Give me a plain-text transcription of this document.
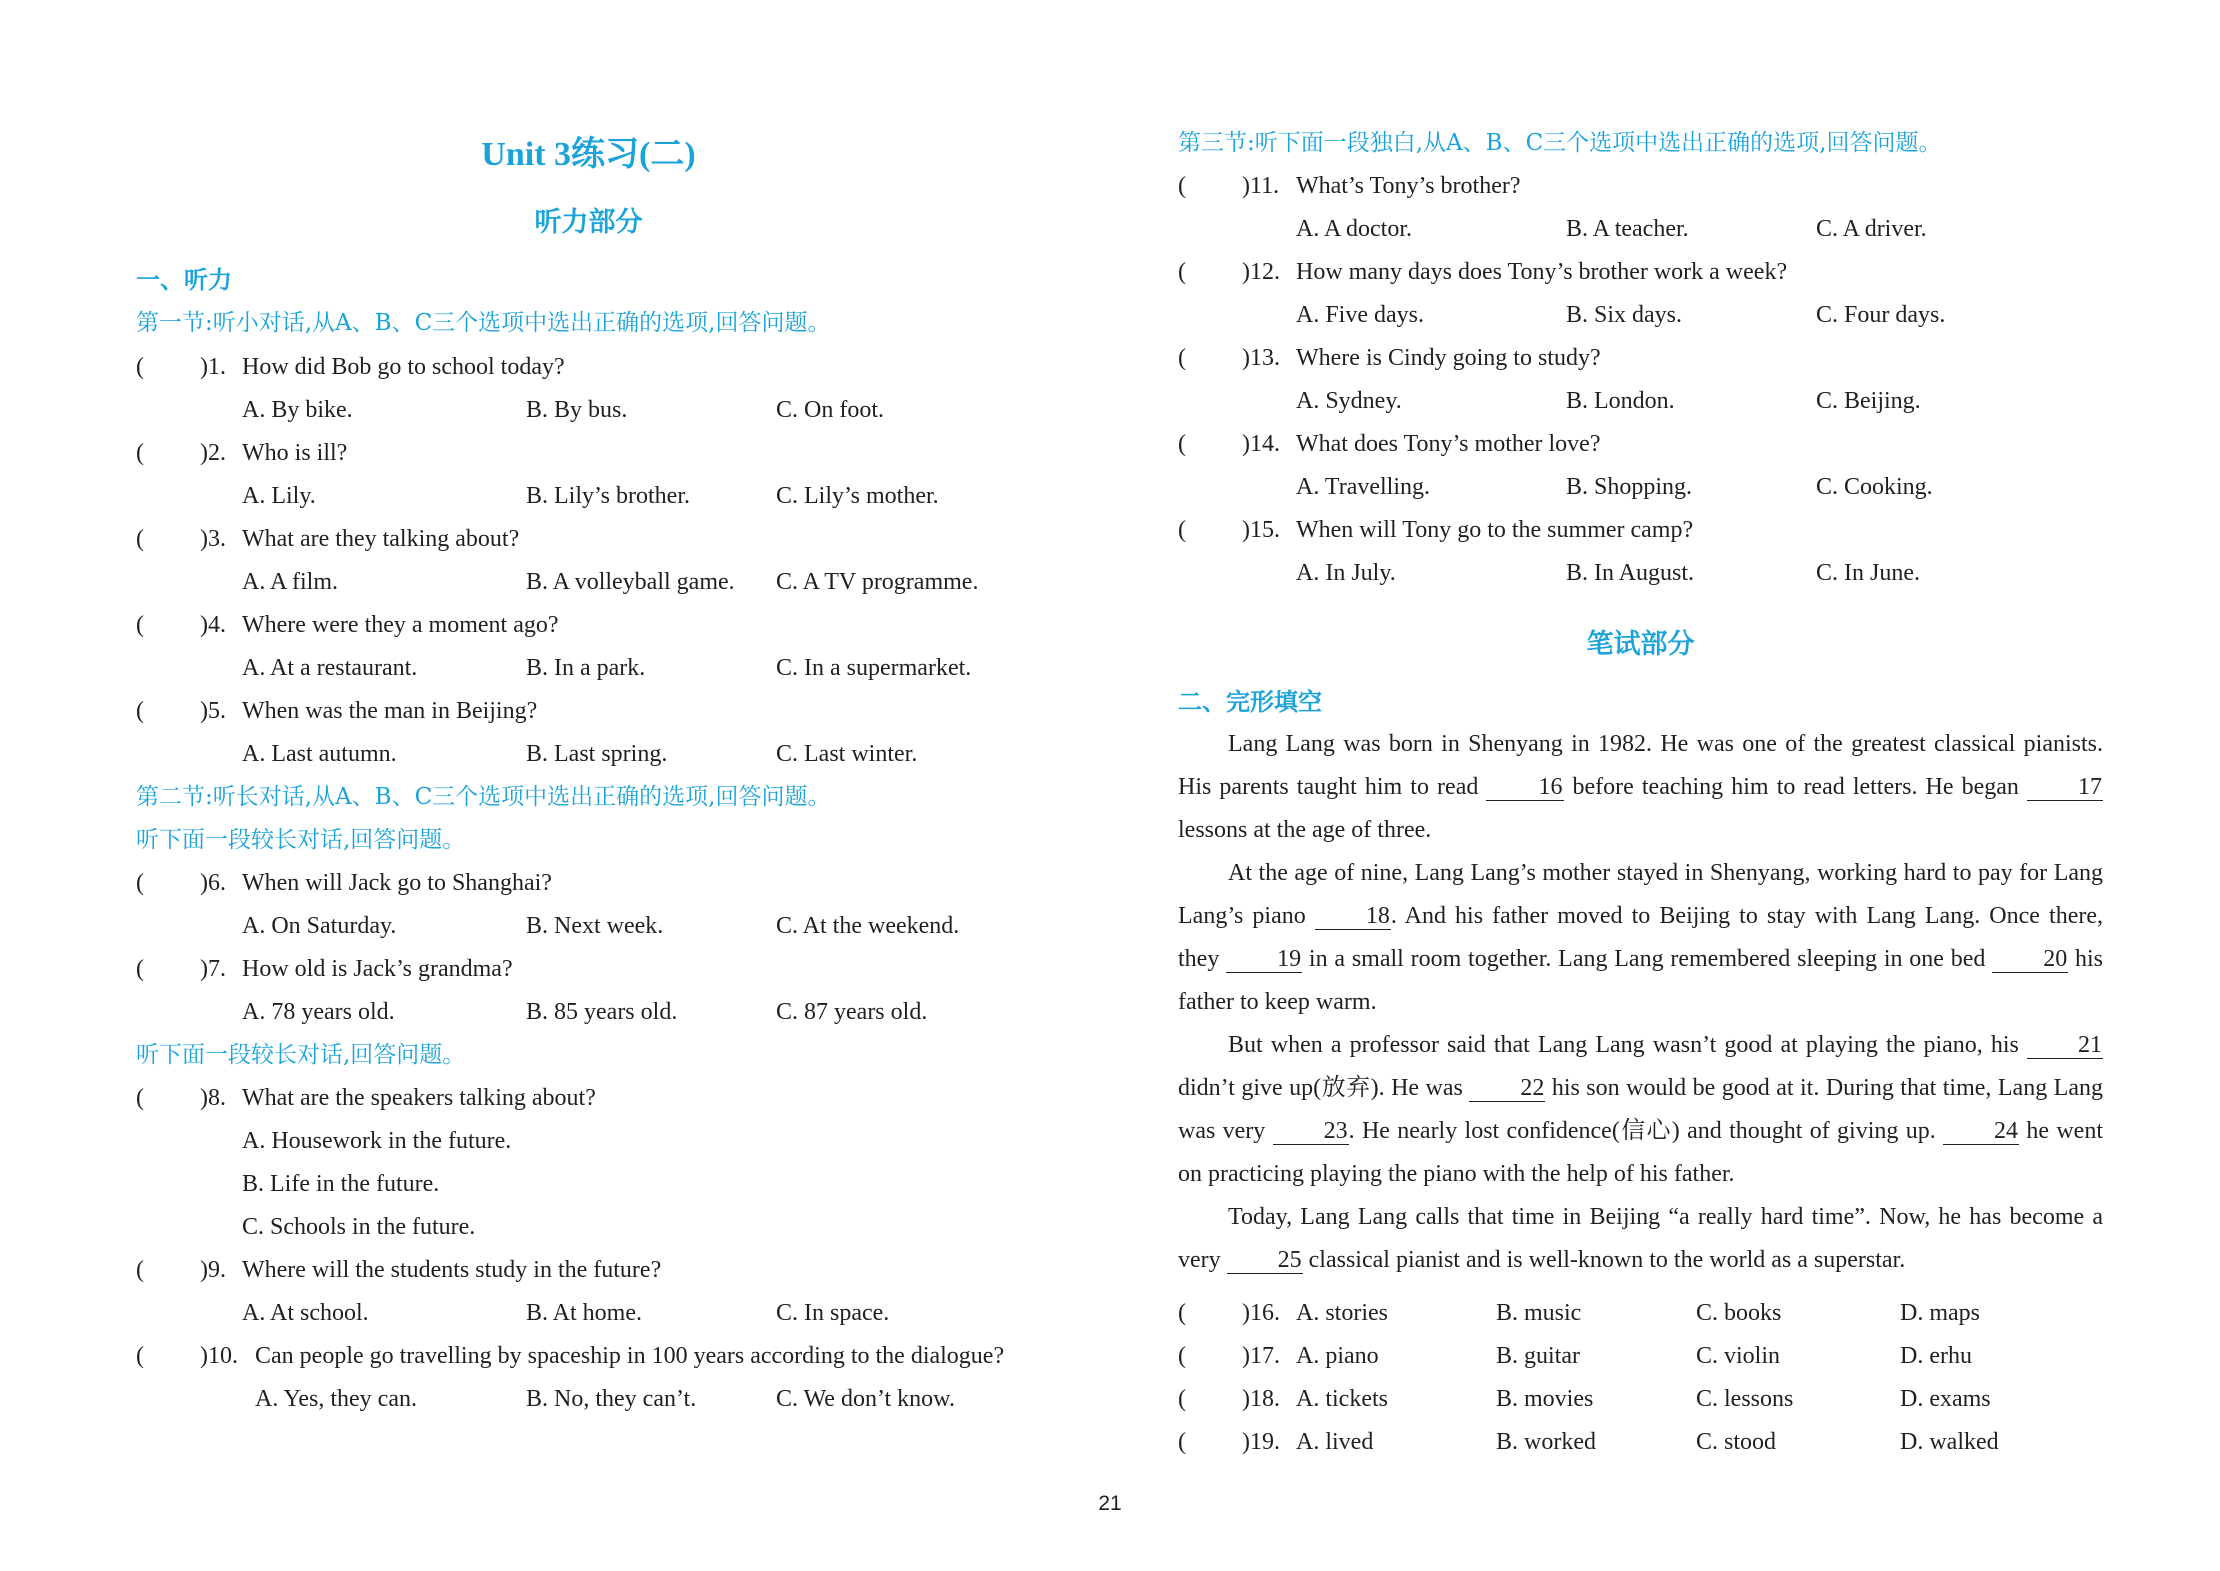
Unit 3练习(二)
听力部分
一、听力
第一节:听小对话,从A、B、C三个选项中选出正确的选项,回答问题。
( )1. How did Bob go to school today?
A. By bike.	B. By bus.	C. On foot.
( )2. Who is ill?
A. Lily.	B. Lily’s brother.	C. Lily’s mother.
( )3. What are they talking about?
A. A film.	B. A volleyball game. C. A TV programme.
( )4. Where were they a moment ago?
A. At a restaurant.	B. In a park.	C. In a supermarket.
( )5. When was the man in Beijing?
A. Last autumn.	B. Last spring.	C. Last winter.
第二节:听长对话,从A、B、C三个选项中选出正确的选项,回答问题。
听下面一段较长对话,回答问题。
( )6. When will Jack go to Shanghai?
A. On Saturday.	B. Next week.	C. At the weekend.
( )7. How old is Jack’s grandma?
A. 78 years old.	B. 85 years old.	C. 87 years old.
听下面一段较长对话,回答问题。
( )8. What are the speakers talking about?
A. Housework in the future.
B. Life in the future.
C. Schools in the future.
( )9. Where will the students study in the future?
A. At school.	B. At home.	C. In space.
( )10. Can people go travelling by spaceship in 100 years according to the dialogue?
A. Yes, they can.	B. No, they can’t.	C. We don’t know.
第三节:听下面一段独白,从A、B、C三个选项中选出正确的选项,回答问题。
( )11. What’s Tony’s brother?
A. A doctor.	B. A teacher.	C. A driver.
( )12. How many days does Tony’s brother work a week?
A. Five days.	B. Six days.	C. Four days.
( )13. Where is Cindy going to study?
A. Sydney.	B. London.	C. Beijing.
( )14. What does Tony’s mother love?
A. Travelling.	B. Shopping.	C. Cooking.
( )15. When will Tony go to the summer camp?
A. In July.	B. In August.	C. In June.
笔试部分
二、完形填空

Lang Lang was born in Shenyang in 1982. He was one of the greatest classical pianists. His parents taught him to read 16 before teaching him to read letters. He began 17 lessons at the age of three.

At the age of nine, Lang Lang’s mother stayed in Shenyang, working hard to pay for Lang Lang’s piano 18. And his father moved to Beijing to stay with Lang Lang. Once there, they 19 in a small room together. Lang Lang remembered sleeping in one bed 20 his father to keep warm.

But when a professor said that Lang Lang wasn’t good at playing the piano, his 21 didn’t give up(放弃). He was 22 his son would be good at it. During that time, Lang Lang was very 23. He nearly lost confidence(信心) and thought of giving up. 24 he went on practicing playing the piano with the help of his father.

Today, Lang Lang calls that time in Beijing “a really hard time”. Now, he has become a very 25 classical pianist and is well-known to the world as a superstar.

( )16. A. stories	B. music	C. books	D. maps
( )17. A. piano	B. guitar	C. violin	D. erhu
( )18. A. tickets	B. movies	C. lessons	D. exams
( )19. A. lived	B. worked	C. stood	D. walked
21
